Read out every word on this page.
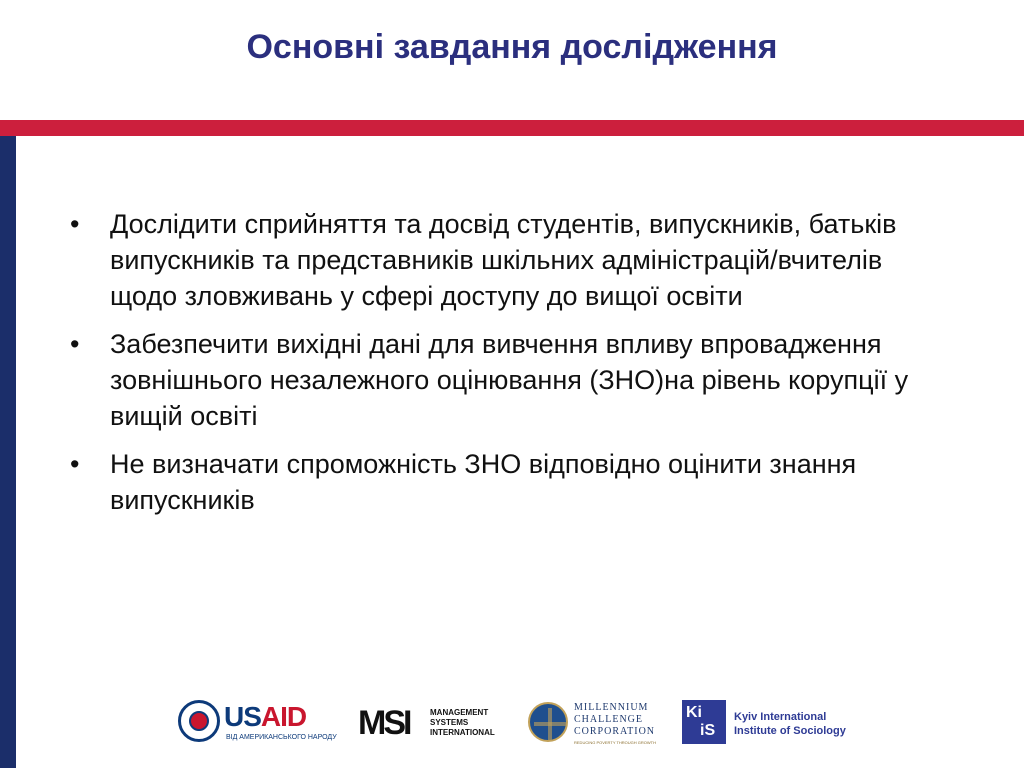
Основні завдання дослідження
• Дослідити сприйняття та досвід студентів, випускників, батьків випускників та представників шкільних адміністрацій/вчителів щодо зловживань у сфері доступу до вищої освіти
• Забезпечити вихідні дані для вивчення впливу впровадження зовнішнього незалежного оцінювання (ЗНО)на рівень корупції у вищій освіті
• Не визначати спроможність ЗНО відповідно оцінити знання випускників
USAID
ВІД АМЕРИКАНСЬКОГО НАРОДУ MSI	MANAGEMENT
SYSTEMS
INTERNATIONAL
MILLENNIUM
CHALLENGE
CORPORATION
REDUCING POVERTY THROUGH GROWTH
Ki
iS
Kyiv International
Institute of Sociology
